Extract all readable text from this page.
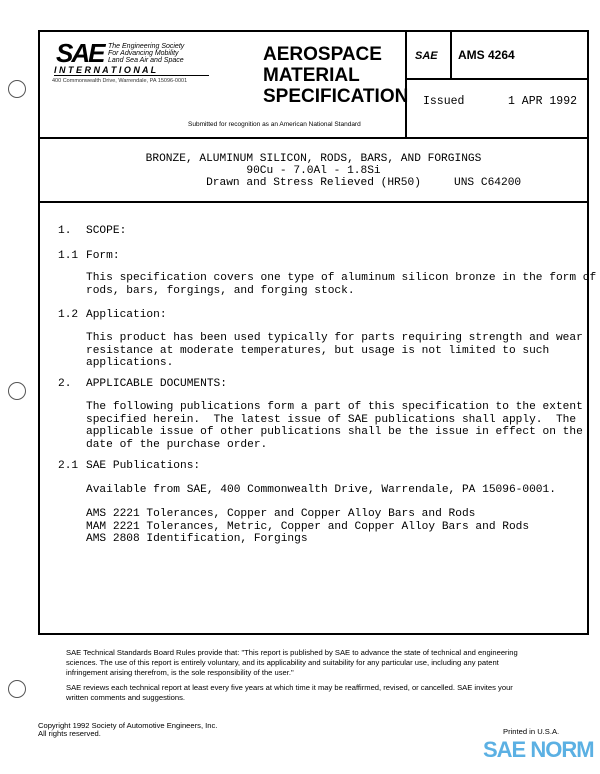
SAE The Engineering Society
For Advancing Mobility
Land Sea Air and Space
I N T E R N A T I O N A L
400 Commonwealth Drive, Warrendale, PA 15096-0001
AEROSPACE
MATERIAL
SPECIFICATION
Submitted for recognition as an American National Standard
SAE AMS 4264
Issued	1 APR 1992
BRONZE, ALUMINUM SILICON, RODS, BARS, AND FORGINGS
90Cu - 7.0Al - 1.8Si
Drawn and Stress Relieved (HR50)	UNS C64200
1. SCOPE:
1.1 Form:
This specification covers one type of aluminum silicon bronze in the form of
rods, bars, forgings, and forging stock.
1.2 Application:
This product has been used typically for parts requiring strength and wear
resistance at moderate temperatures, but usage is not limited to such
applications.
2. APPLICABLE DOCUMENTS:
The following publications form a part of this specification to the extent
specified herein.  The latest issue of SAE publications shall apply.  The
applicable issue of other publications shall be the issue in effect on the
date of the purchase order.
2.1 SAE Publications:
Available from SAE, 400 Commonwealth Drive, Warrendale, PA 15096-0001.
AMS 2221 Tolerances, Copper and Copper Alloy Bars and Rods
MAM 2221 Tolerances, Metric, Copper and Copper Alloy Bars and Rods
AMS 2808 Identification, Forgings
SAE Technical Standards Board Rules provide that: "This report is published by SAE to advance the state of technical and engineering sciences. The use of this report is entirely voluntary, and its applicability and suitability for any particular use, including any patent infringement arising therefrom, is the sole responsibility of the user."
SAE reviews each technical report at least every five years at which time it may be reaffirmed, revised, or cancelled. SAE invites your written comments and suggestions.
Copyright 1992 Society of Automotive Engineers, Inc.
All rights reserved.	Printed in U.S.A.
SAE NORM
